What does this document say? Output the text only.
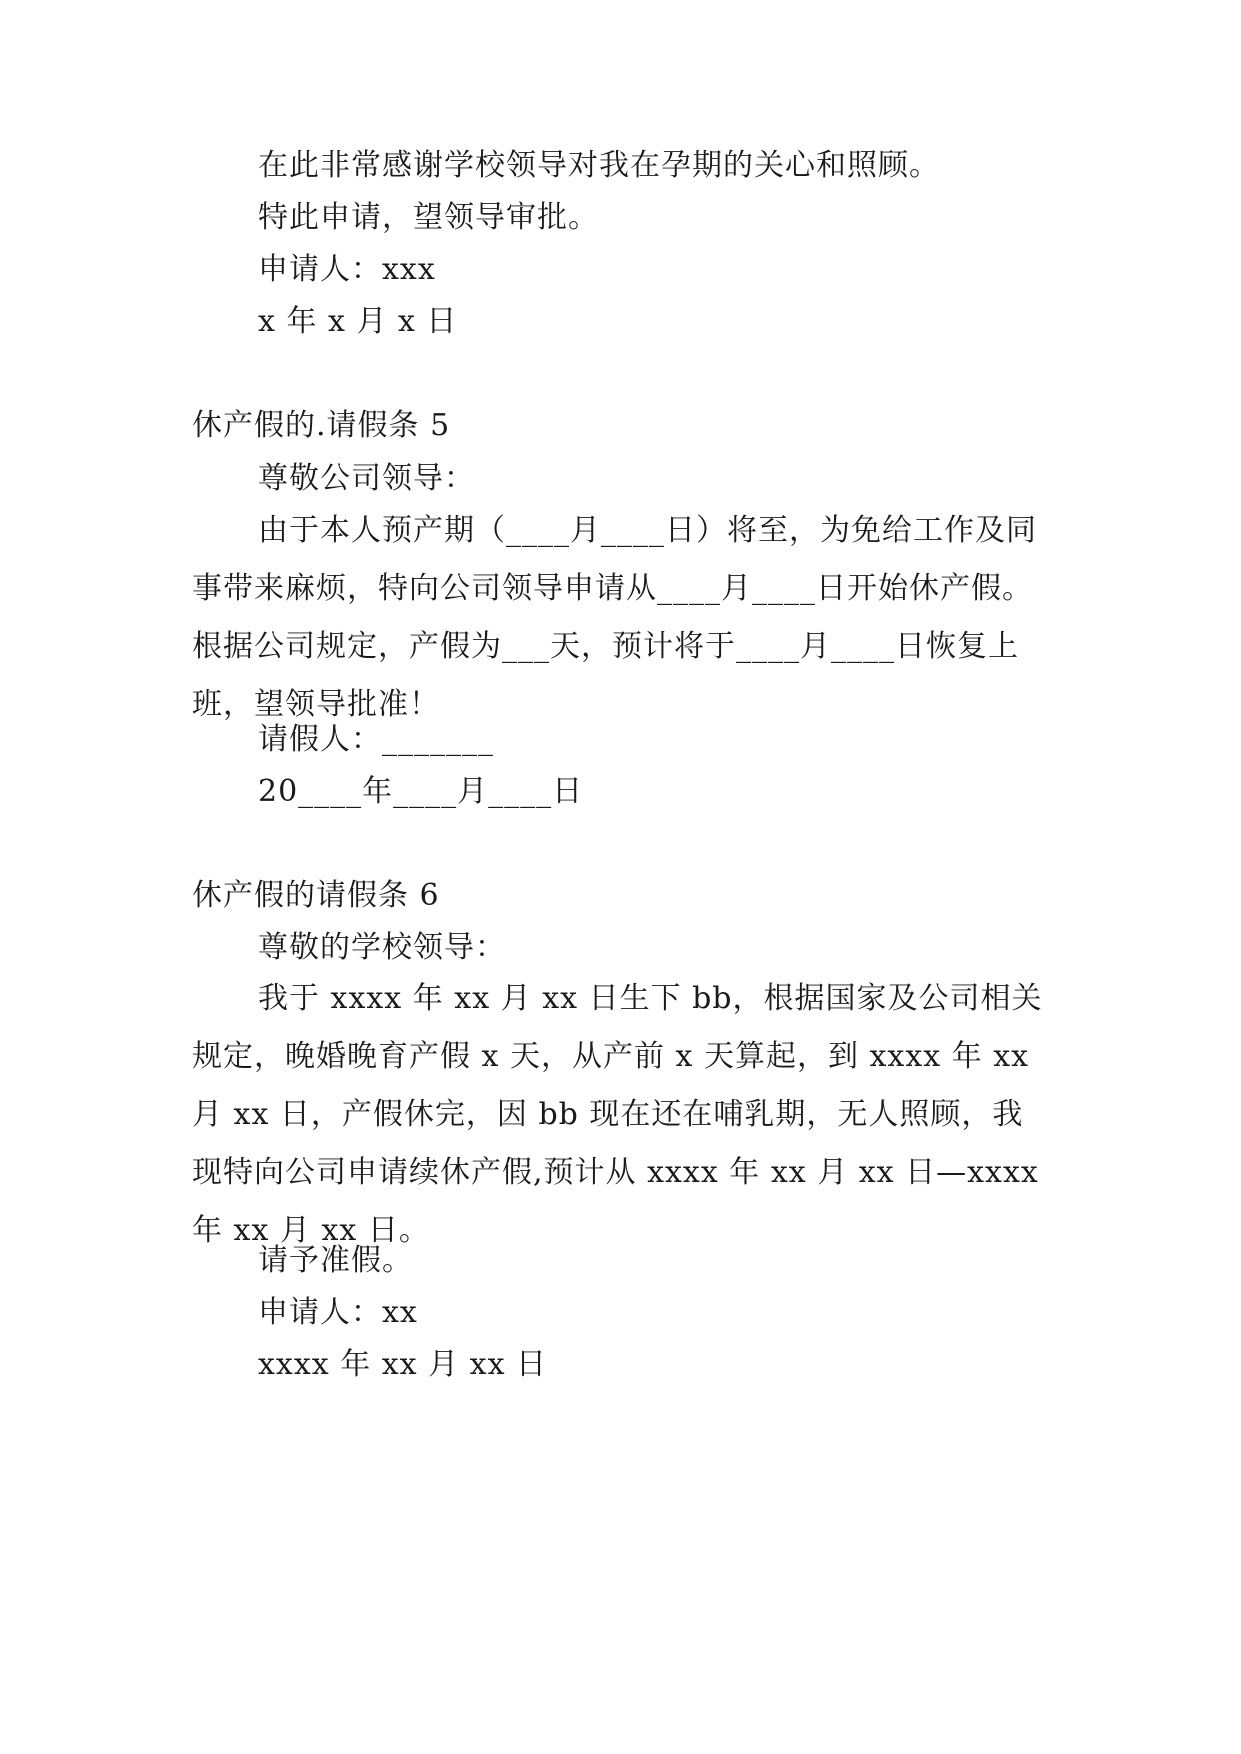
在此非常感谢学校领导对我在孕期的关心和照顾。
特此申请，望领导审批。
申请人：xxx
x 年 x 月 x 日
休产假的.请假条 5
尊敬公司领导：
由于本人预产期（____月____日）将至，为免给工作及同事带来麻烦，特向公司领导申请从____月____日开始休产假。根据公司规定，产假为___天，预计将于____月____日恢复上班，望领导批准！
请假人：_______
20____年____月____日
休产假的请假条 6
尊敬的学校领导：
我于 xxxx 年 xx 月 xx 日生下 bb，根据国家及公司相关规定，晚婚晚育产假 x 天，从产前 x 天算起，到 xxxx 年 xx 月 xx 日，产假休完，因 bb 现在还在哺乳期，无人照顾，我现特向公司申请续休产假,预计从 xxxx 年 xx 月 xx 日—xxxx 年 xx 月 xx 日。
请予准假。
申请人：xx
xxxx 年 xx 月 xx 日
